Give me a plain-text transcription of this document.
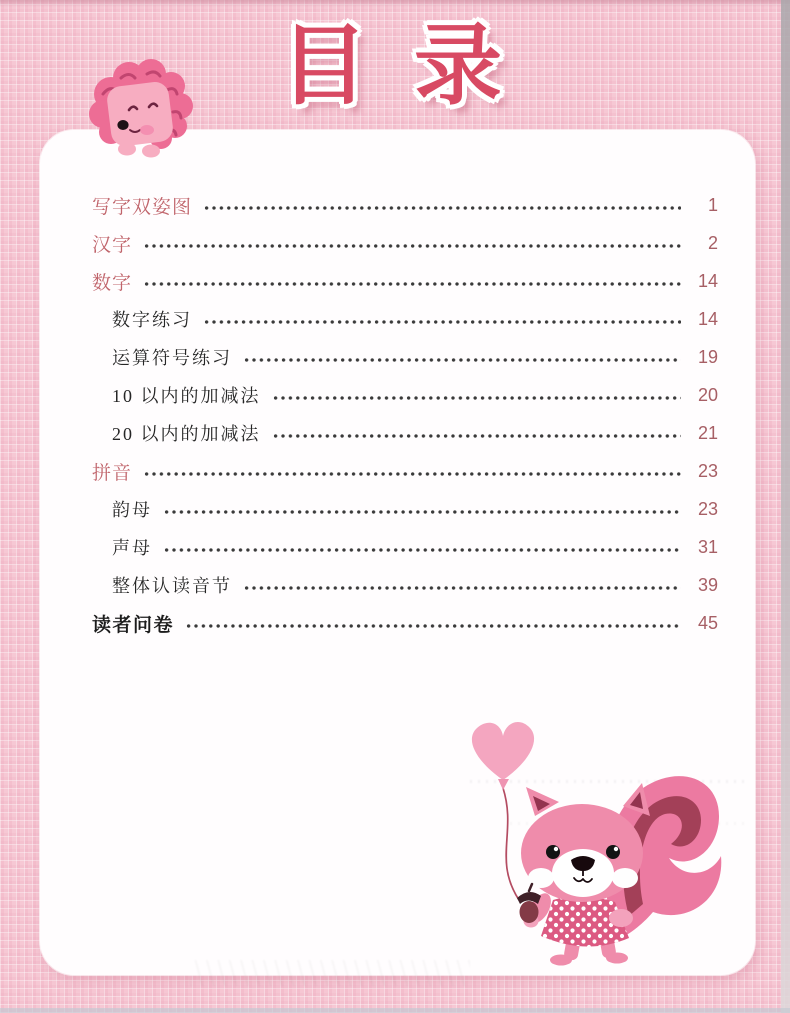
目录
写字双姿图	1
汉字	2
数字	14
数字练习	14
运算符号练习	19
10 以内的加减法	20
20 以内的加减法	21
拼音	23
韵母	23
声母	31
整体认读音节	39
读者问卷	45
